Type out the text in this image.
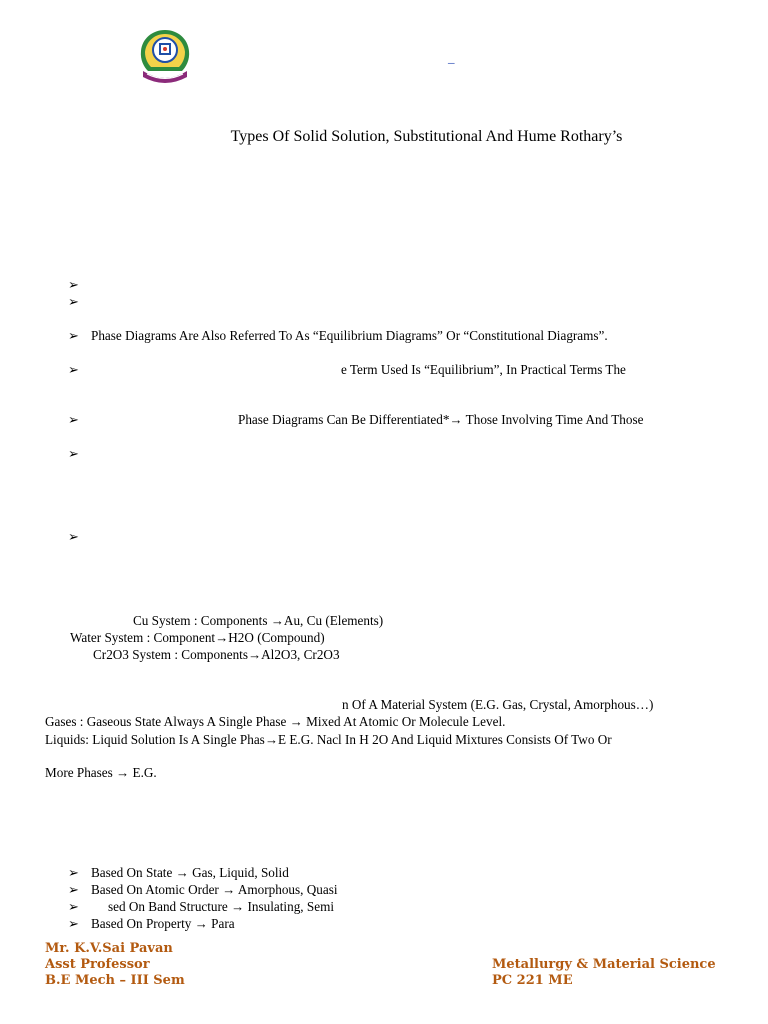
_
Types Of Solid Solution, Substitutional And Hume Rothary’s
➢
➢
➢ Phase Diagrams Are Also Referred To As “Equilibrium Diagrams” Or “Constitutional Diagrams”.
➢	e Term Used Is “Equilibrium”, In Practical Terms The
➢	Phase Diagrams Can Be Differentiated*→ Those Involving Time And Those
➢
➢
Cu System : Components →Au, Cu (Elements)
Water System : Component→H2O (Compound)
Cr2O3 System : Components→Al2O3, Cr2O3
n Of A Material System (E.G. Gas, Crystal, Amorphous…)
Gases : Gaseous State Always A Single Phase → Mixed At Atomic Or Molecule Level.
Liquids: Liquid Solution Is A Single Phas→E E.G. Nacl In H 2O And Liquid Mixtures Consists Of Two Or
More Phases → E.G.
➢ Based On State → Gas, Liquid, Solid
➢ Based On Atomic Order → Amorphous, Quasi
➢ sed On Band Structure → Insulating, Semi
➢ Based On Property → Para
Mr. K.V.Sai Pavan
Asst Professor
B.E Mech – III Sem
Metallurgy & Material Science
PC 221 ME
